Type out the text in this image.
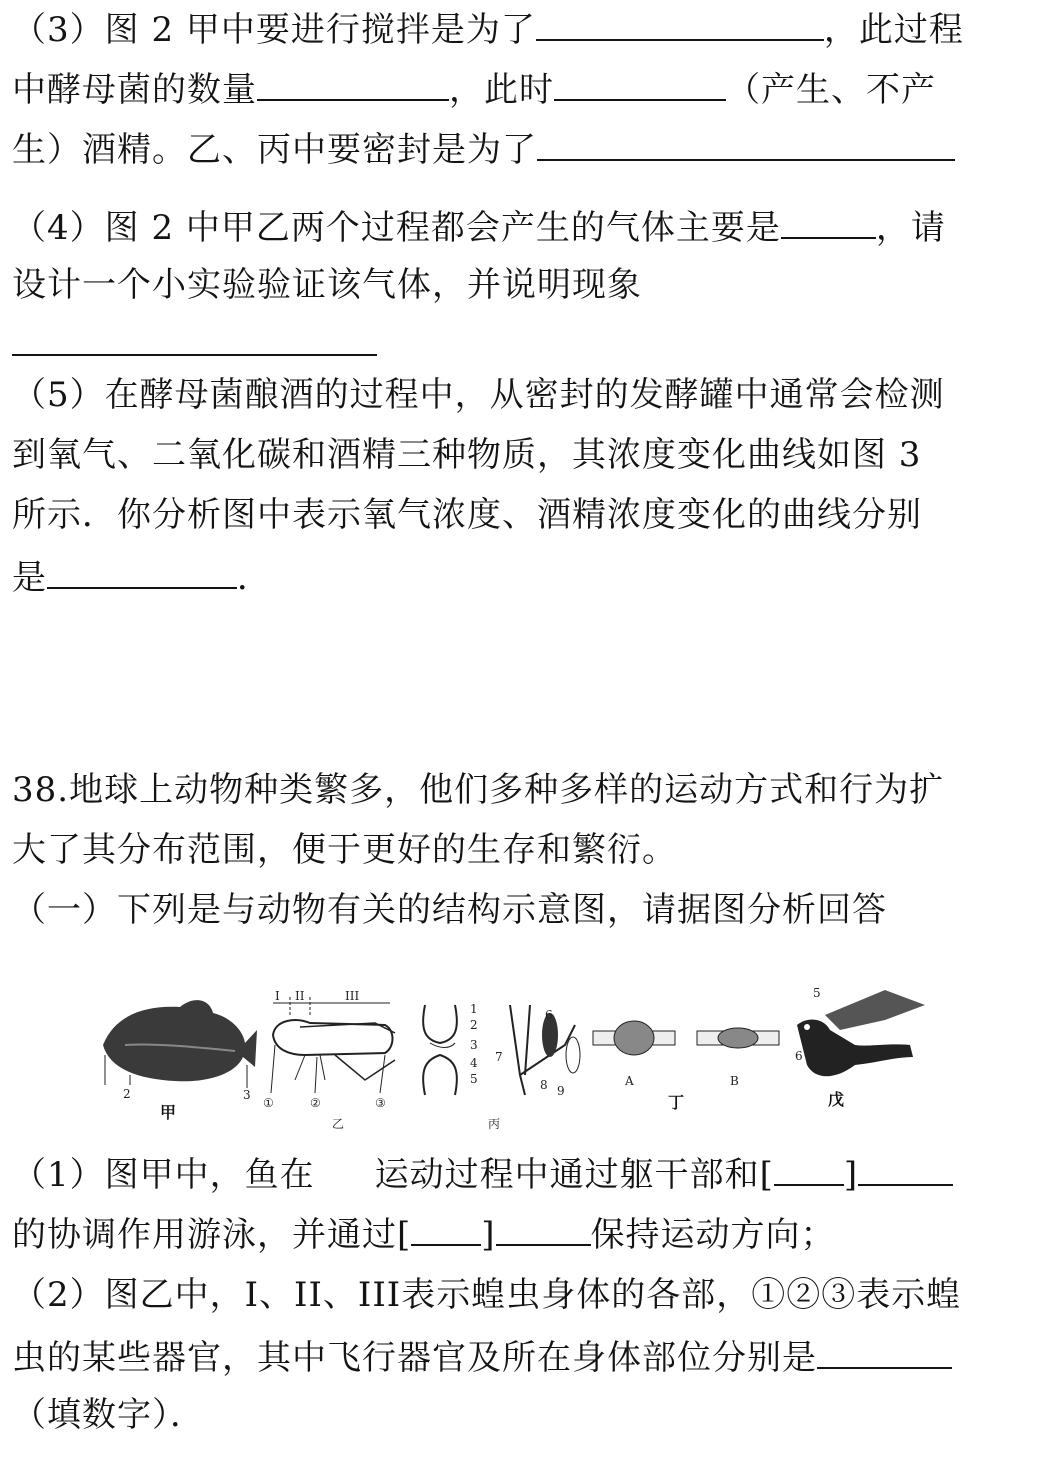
（3）图 2 甲中要进行搅拌是为了	，此过程
中酵母菌的数量	，此时	（产生、不产
生）酒精。乙、丙中要密封是为了
（4）图 2 中甲乙两个过程都会产生的气体主要是	，请
设计一个小实验验证该气体，并说明现象
（5）在酵母菌酿酒的过程中，从密封的发酵罐中通常会检测
到氧气、二氧化碳和酒精三种物质，其浓度变化曲线如图 3
所示．你分析图中表示氧气浓度、酒精浓度变化的曲线分别
是	．
38.地球上动物种类繁多，他们多种多样的运动方式和行为扩
大了其分布范围，便于更好的生存和繁衍。
（一）下列是与动物有关的结构示意图，请据图分析回答
2	3
甲
I II	III
①	②	③
乙
1
2
3
4
5
6
7
8 9
丙
A	B
丁
5
6
戊
（1）图甲中，鱼在 运动过程中通过躯干部和[ ]
的协调作用游泳，并通过[ ]	保持运动方向；
（2）图乙中，I、II、III表示蝗虫身体的各部，①②③表示蝗
虫的某些器官，其中飞行器官及所在身体部位分别是
（填数字）．
